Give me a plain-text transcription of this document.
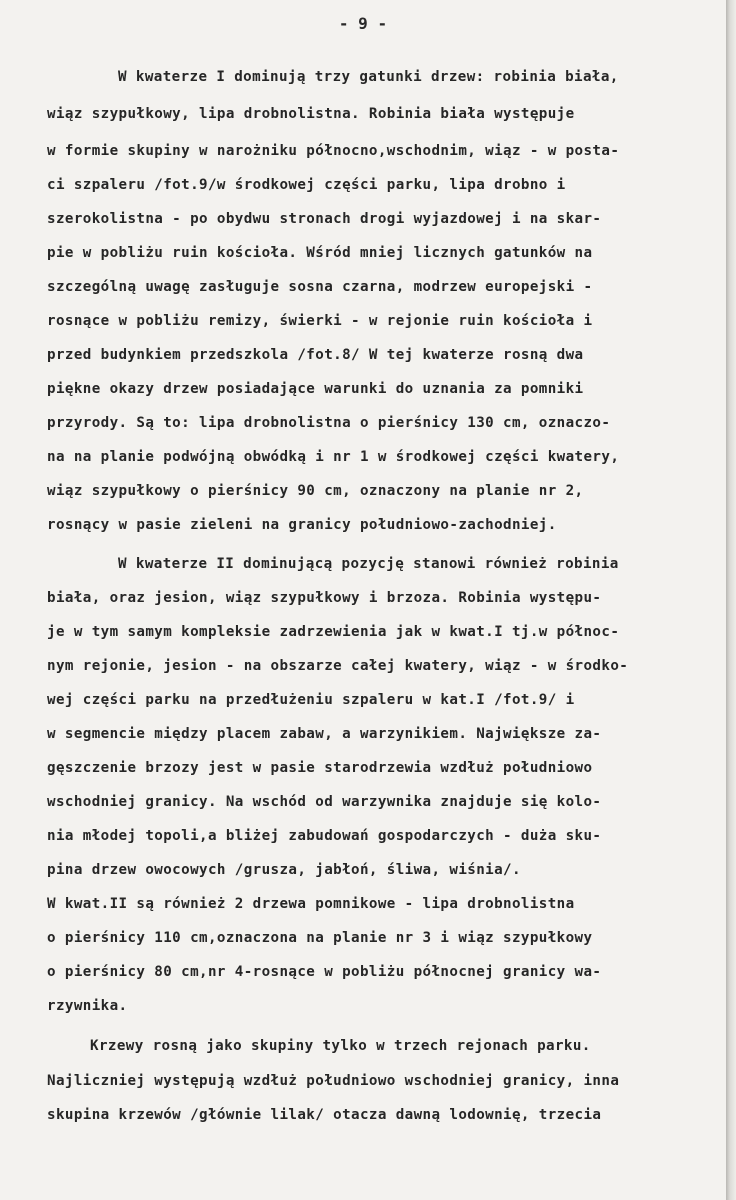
- 9 -
W kwaterze I dominują trzy gatunki drzew: robinia biała,
wiąz szypułkowy, lipa drobnolistna. Robinia biała występuje
w formie skupiny w narożniku północno,wschodnim, wiąz - w posta-
ci szpaleru /fot.9/w środkowej części parku, lipa drobno i
szerokolistna - po obydwu stronach drogi wyjazdowej i na skar-
pie w pobliżu ruin kościoła. Wśród mniej licznych gatunków na
szczególną uwagę zasługuje sosna czarna, modrzew europejski -
rosnące w pobliżu remizy, świerki - w rejonie ruin kościoła i
przed budynkiem przedszkola /fot.8/ W tej kwaterze rosną dwa
piękne okazy drzew posiadające warunki do uznania za pomniki
przyrody. Są to: lipa drobnolistna o pierśnicy 130 cm, oznaczo-
na na planie podwójną obwódką i nr 1 w środkowej części kwatery,
wiąz szypułkowy o pierśnicy 90 cm, oznaczony na planie nr 2,
rosnący w pasie zieleni na granicy południowo-zachodniej.
W kwaterze II dominującą pozycję stanowi również robinia
biała, oraz jesion, wiąz szypułkowy i brzoza. Robinia występu-
je w tym samym kompleksie zadrzewienia jak w kwat.I tj.w północ-
nym rejonie, jesion - na obszarze całej kwatery, wiąz - w środko-
wej części parku na przedłużeniu szpaleru w kat.I /fot.9/ i
w segmencie między placem zabaw, a warzynikiеm. Największe za-
gęszczenie brzozy jest w pasie starodrzewia wzdłuż południowo
wschodniej granicy. Na wschód od warzywnika znajduje się kolo-
nia młodej topoli,a bliżej zabudowań gospodarczych - duża sku-
pina drzew owocowych /grusza, jabłoń, śliwa, wiśnia/.
W kwat.II są również 2 drzewa pomnikowe - lipa drobnolistna
o pierśnicy 110 cm,oznaczona na planie nr 3 i wiąz szypułkowy
o pierśnicy 80 cm,nr 4-rosnące w pobliżu północnej granicy wa-
rzywnika.
Krzewy rosną jako skupiny tylko w trzech rejonach parku.
Najliczniej występują wzdłuż południowo wschodniej granicy, inna
skupina krzewów /głównie lilak/ otacza dawną lodownię, trzecia
